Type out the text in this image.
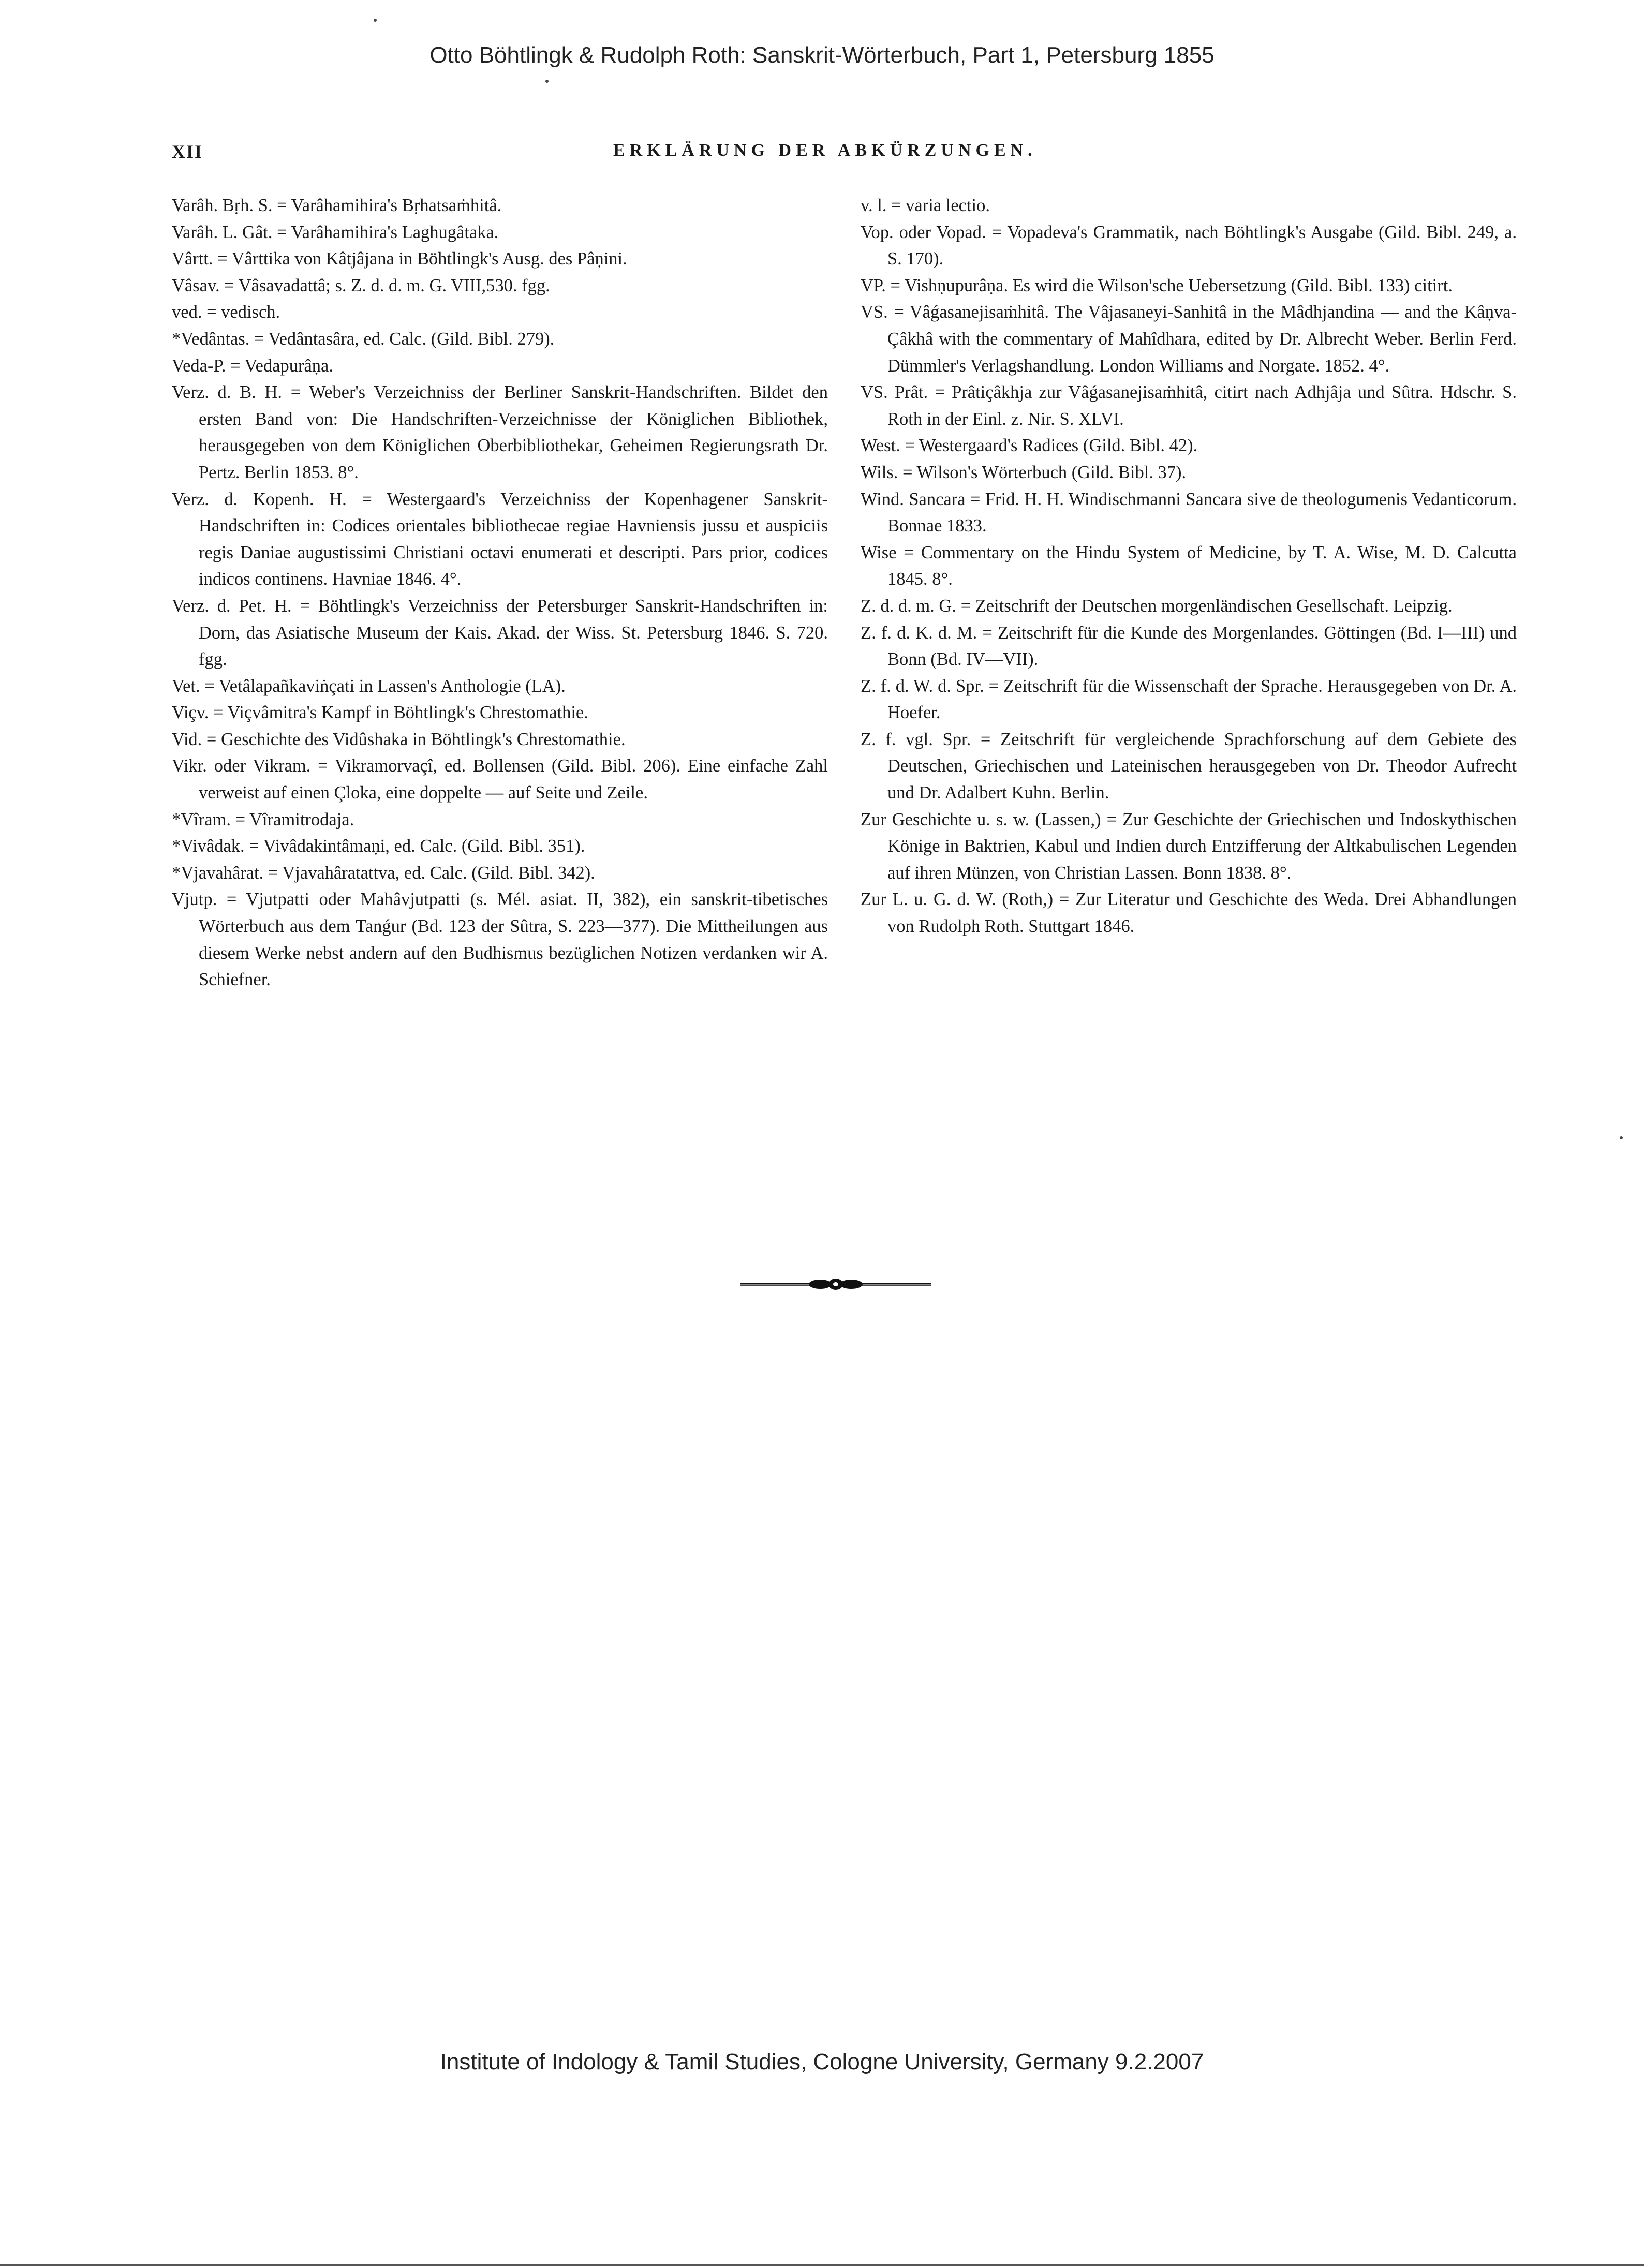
Otto Böhtlingk & Rudolph Roth: Sanskrit-Wörterbuch, Part 1, Petersburg 1855
XII	ERKLÄRUNG DER ABKÜRZUNGEN.

Varâh. Bṛh. S. = Varâhamihira's Bṛhatsaṁhitâ.

Varâh. L. Gât. = Varâhamihira's Laghugâtaka.

Vârtt. = Vârttika von Kâtjâjana in Böhtlingk's Ausg. des Pâṇini.

Vâsav. = Vâsavadattâ; s. Z. d. d. m. G. VIII,530. fgg.

ved. = vedisch.

*Vedântas. = Vedântasâra, ed. Calc. (Gild. Bibl. 279).

Veda-P. = Vedapurâṇa.

Verz. d. B. H. = Weber's Verzeichniss der Berliner Sanskrit-Handschriften. Bildet den ersten Band von: Die Handschriften-Verzeichnisse der Königlichen Bibliothek, herausgegeben von dem Königlichen Oberbibliothekar, Geheimen Regierungsrath Dr. Pertz. Berlin 1853. 8°.

Verz. d. Kopenh. H. = Westergaard's Verzeichniss der Kopenhagener Sanskrit-Handschriften in: Codices orientales bibliothecae regiae Havniensis jussu et auspiciis regis Daniae augustissimi Christiani octavi enumerati et descripti. Pars prior, codices indicos continens. Havniae 1846. 4°.

Verz. d. Pet. H. = Böhtlingk's Verzeichniss der Petersburger Sanskrit-Handschriften in: Dorn, das Asiatische Museum der Kais. Akad. der Wiss. St. Petersburg 1846. S. 720. fgg.

Vet. = Vetâlapañkaviṅçati in Lassen's Anthologie (LA).

Viçv. = Viçvâmitra's Kampf in Böhtlingk's Chrestomathie.

Vid. = Geschichte des Vidûshaka in Böhtlingk's Chrestomathie.

Vikr. oder Vikram. = Vikramorvaçî, ed. Bollensen (Gild. Bibl. 206). Eine einfache Zahl verweist auf einen Çloka, eine doppelte — auf Seite und Zeile.

*Vîram. = Vîramitrodaja.

*Vivâdak. = Vivâdakintâmaṇi, ed. Calc. (Gild. Bibl. 351).

*Vjavahârat. = Vjavahâratattva, ed. Calc. (Gild. Bibl. 342).

Vjutp. = Vjutpatti oder Mahâvjutpatti (s. Mél. asiat. II, 382), ein sanskrit-tibetisches Wörterbuch aus dem Tanǵur (Bd. 123 der Sûtra, S. 223—377). Die Mittheilungen aus diesem Werke nebst andern auf den Budhismus bezüglichen Notizen verdanken wir A. Schiefner.

v. l. = varia lectio.

Vop. oder Vopad. = Vopadeva's Grammatik, nach Böhtlingk's Ausgabe (Gild. Bibl. 249, a. S. 170).

VP. = Vishṇupurâṇa. Es wird die Wilson'sche Uebersetzung (Gild. Bibl. 133) citirt.

VS. = Vâǵasanejisaṁhitâ. The Vâjasaneyi-Sanhitâ in the Mâdhjandina — and the Kâṇva-Çâkhâ with the commentary of Mahîdhara, edited by Dr. Albrecht Weber. Berlin Ferd. Dümmler's Verlagshandlung. London Williams and Norgate. 1852. 4°.

VS. Prât. = Prâtiçâkhja zur Vâǵasanejisaṁhitâ, citirt nach Adhjâja und Sûtra. Hdschr. S. Roth in der Einl. z. Nir. S. XLVI.

West. = Westergaard's Radices (Gild. Bibl. 42).

Wils. = Wilson's Wörterbuch (Gild. Bibl. 37).

Wind. Sancara = Frid. H. H. Windischmanni Sancara sive de theologumenis Vedanticorum. Bonnae 1833.

Wise = Commentary on the Hindu System of Medicine, by T. A. Wise, M. D. Calcutta 1845. 8°.

Z. d. d. m. G. = Zeitschrift der Deutschen morgenländischen Gesellschaft. Leipzig.

Z. f. d. K. d. M. = Zeitschrift für die Kunde des Morgenlandes. Göttingen (Bd. I—III) und Bonn (Bd. IV—VII).

Z. f. d. W. d. Spr. = Zeitschrift für die Wissenschaft der Sprache. Herausgegeben von Dr. A. Hoefer.

Z. f. vgl. Spr. = Zeitschrift für vergleichende Sprachforschung auf dem Gebiete des Deutschen, Griechischen und Lateinischen herausgegeben von Dr. Theodor Aufrecht und Dr. Adalbert Kuhn. Berlin.

Zur Geschichte u. s. w. (Lassen,) = Zur Geschichte der Griechischen und Indoskythischen Könige in Baktrien, Kabul und Indien durch Entzifferung der Altkabulischen Legenden auf ihren Münzen, von Christian Lassen. Bonn 1838. 8°.

Zur L. u. G. d. W. (Roth,) = Zur Literatur und Geschichte des Weda. Drei Abhandlungen von Rudolph Roth. Stuttgart 1846.

Institute of Indology & Tamil Studies, Cologne University, Germany 9.2.2007
